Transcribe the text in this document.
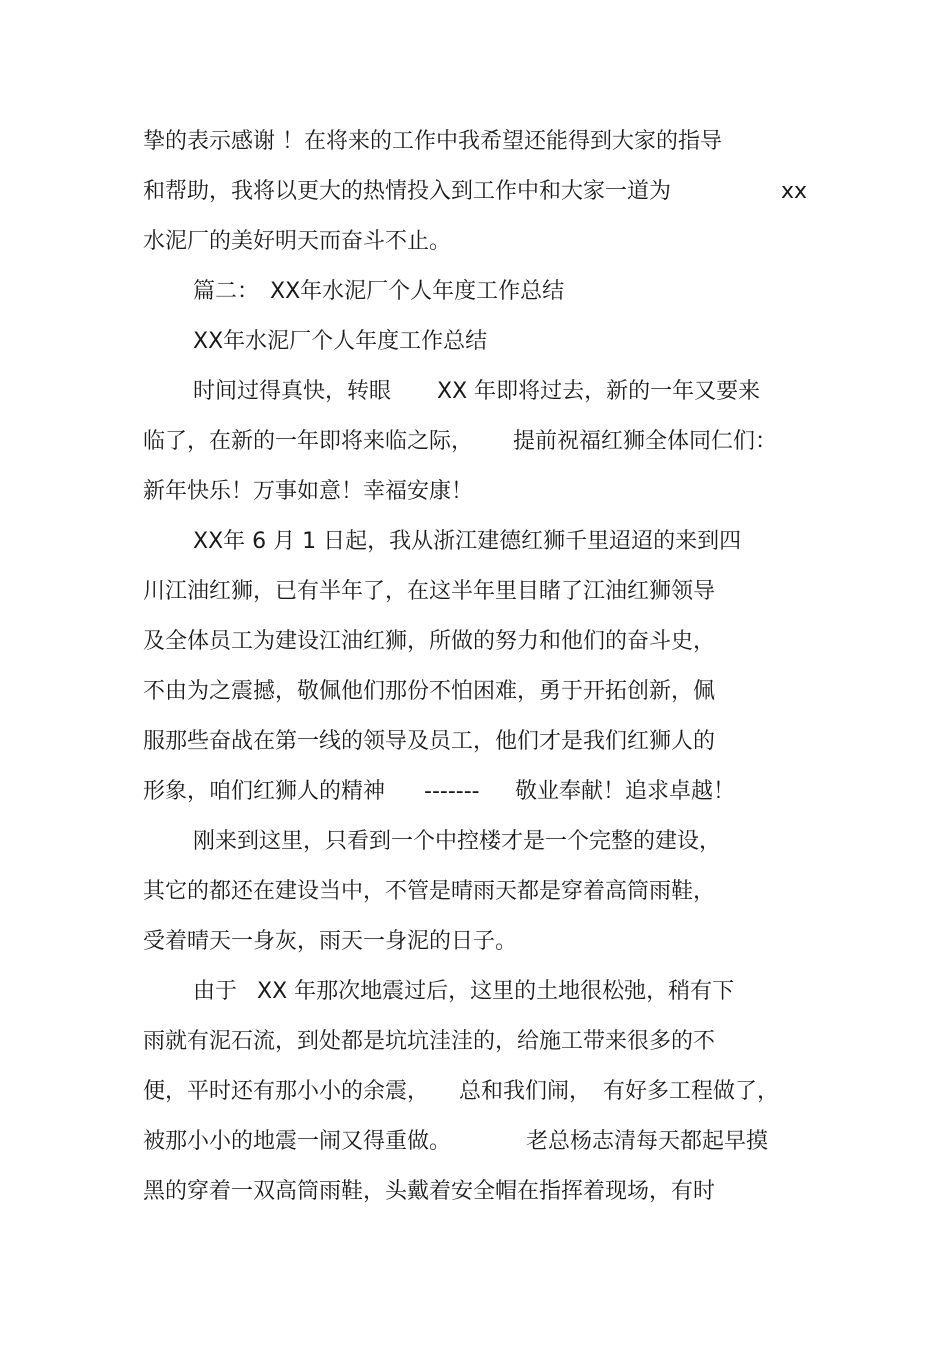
挚的表示感谢 ！在将来的工作中我希望还能得到大家的指导
和帮助，我将以更大的热情投入到工作中和大家一道为	xx
水泥厂的美好明天而奋斗不止。
篇二： XX年水泥厂个人年度工作总结
XX年水泥厂个人年度工作总结
时间过得真快，转眼 XX 年即将过去，新的一年又要来
临了，在新的一年即将来临之际， 提前祝福红狮全体同仁们：
新年快乐！万事如意！幸福安康！
XX年 6 月 1 日起，我从浙江建德红狮千里迢迢的来到四
川江油红狮，已有半年了，在这半年里目睹了江油红狮领导
及全体员工为建设江油红狮，所做的努力和他们的奋斗史，
不由为之震撼，敬佩他们那份不怕困难，勇于开拓创新，佩
服那些奋战在第一线的领导及员工，他们才是我们红狮人的
形象，咱们红狮人的精神 ------- 敬业奉献！追求卓越！
刚来到这里，只看到一个中控楼才是一个完整的建设，
其它的都还在建设当中，不管是晴雨天都是穿着高筒雨鞋，
受着晴天一身灰，雨天一身泥的日子。
由于 XX 年那次地震过后，这里的土地很松弛，稍有下
雨就有泥石流，到处都是坑坑洼洼的，给施工带来很多的不
便，平时还有那小小的余震， 总和我们闹， 有好多工程做了，
被那小小的地震一闹又得重做。	老总杨志清每天都起早摸
黑的穿着一双高筒雨鞋，头戴着安全帽在指挥着现场，有时
